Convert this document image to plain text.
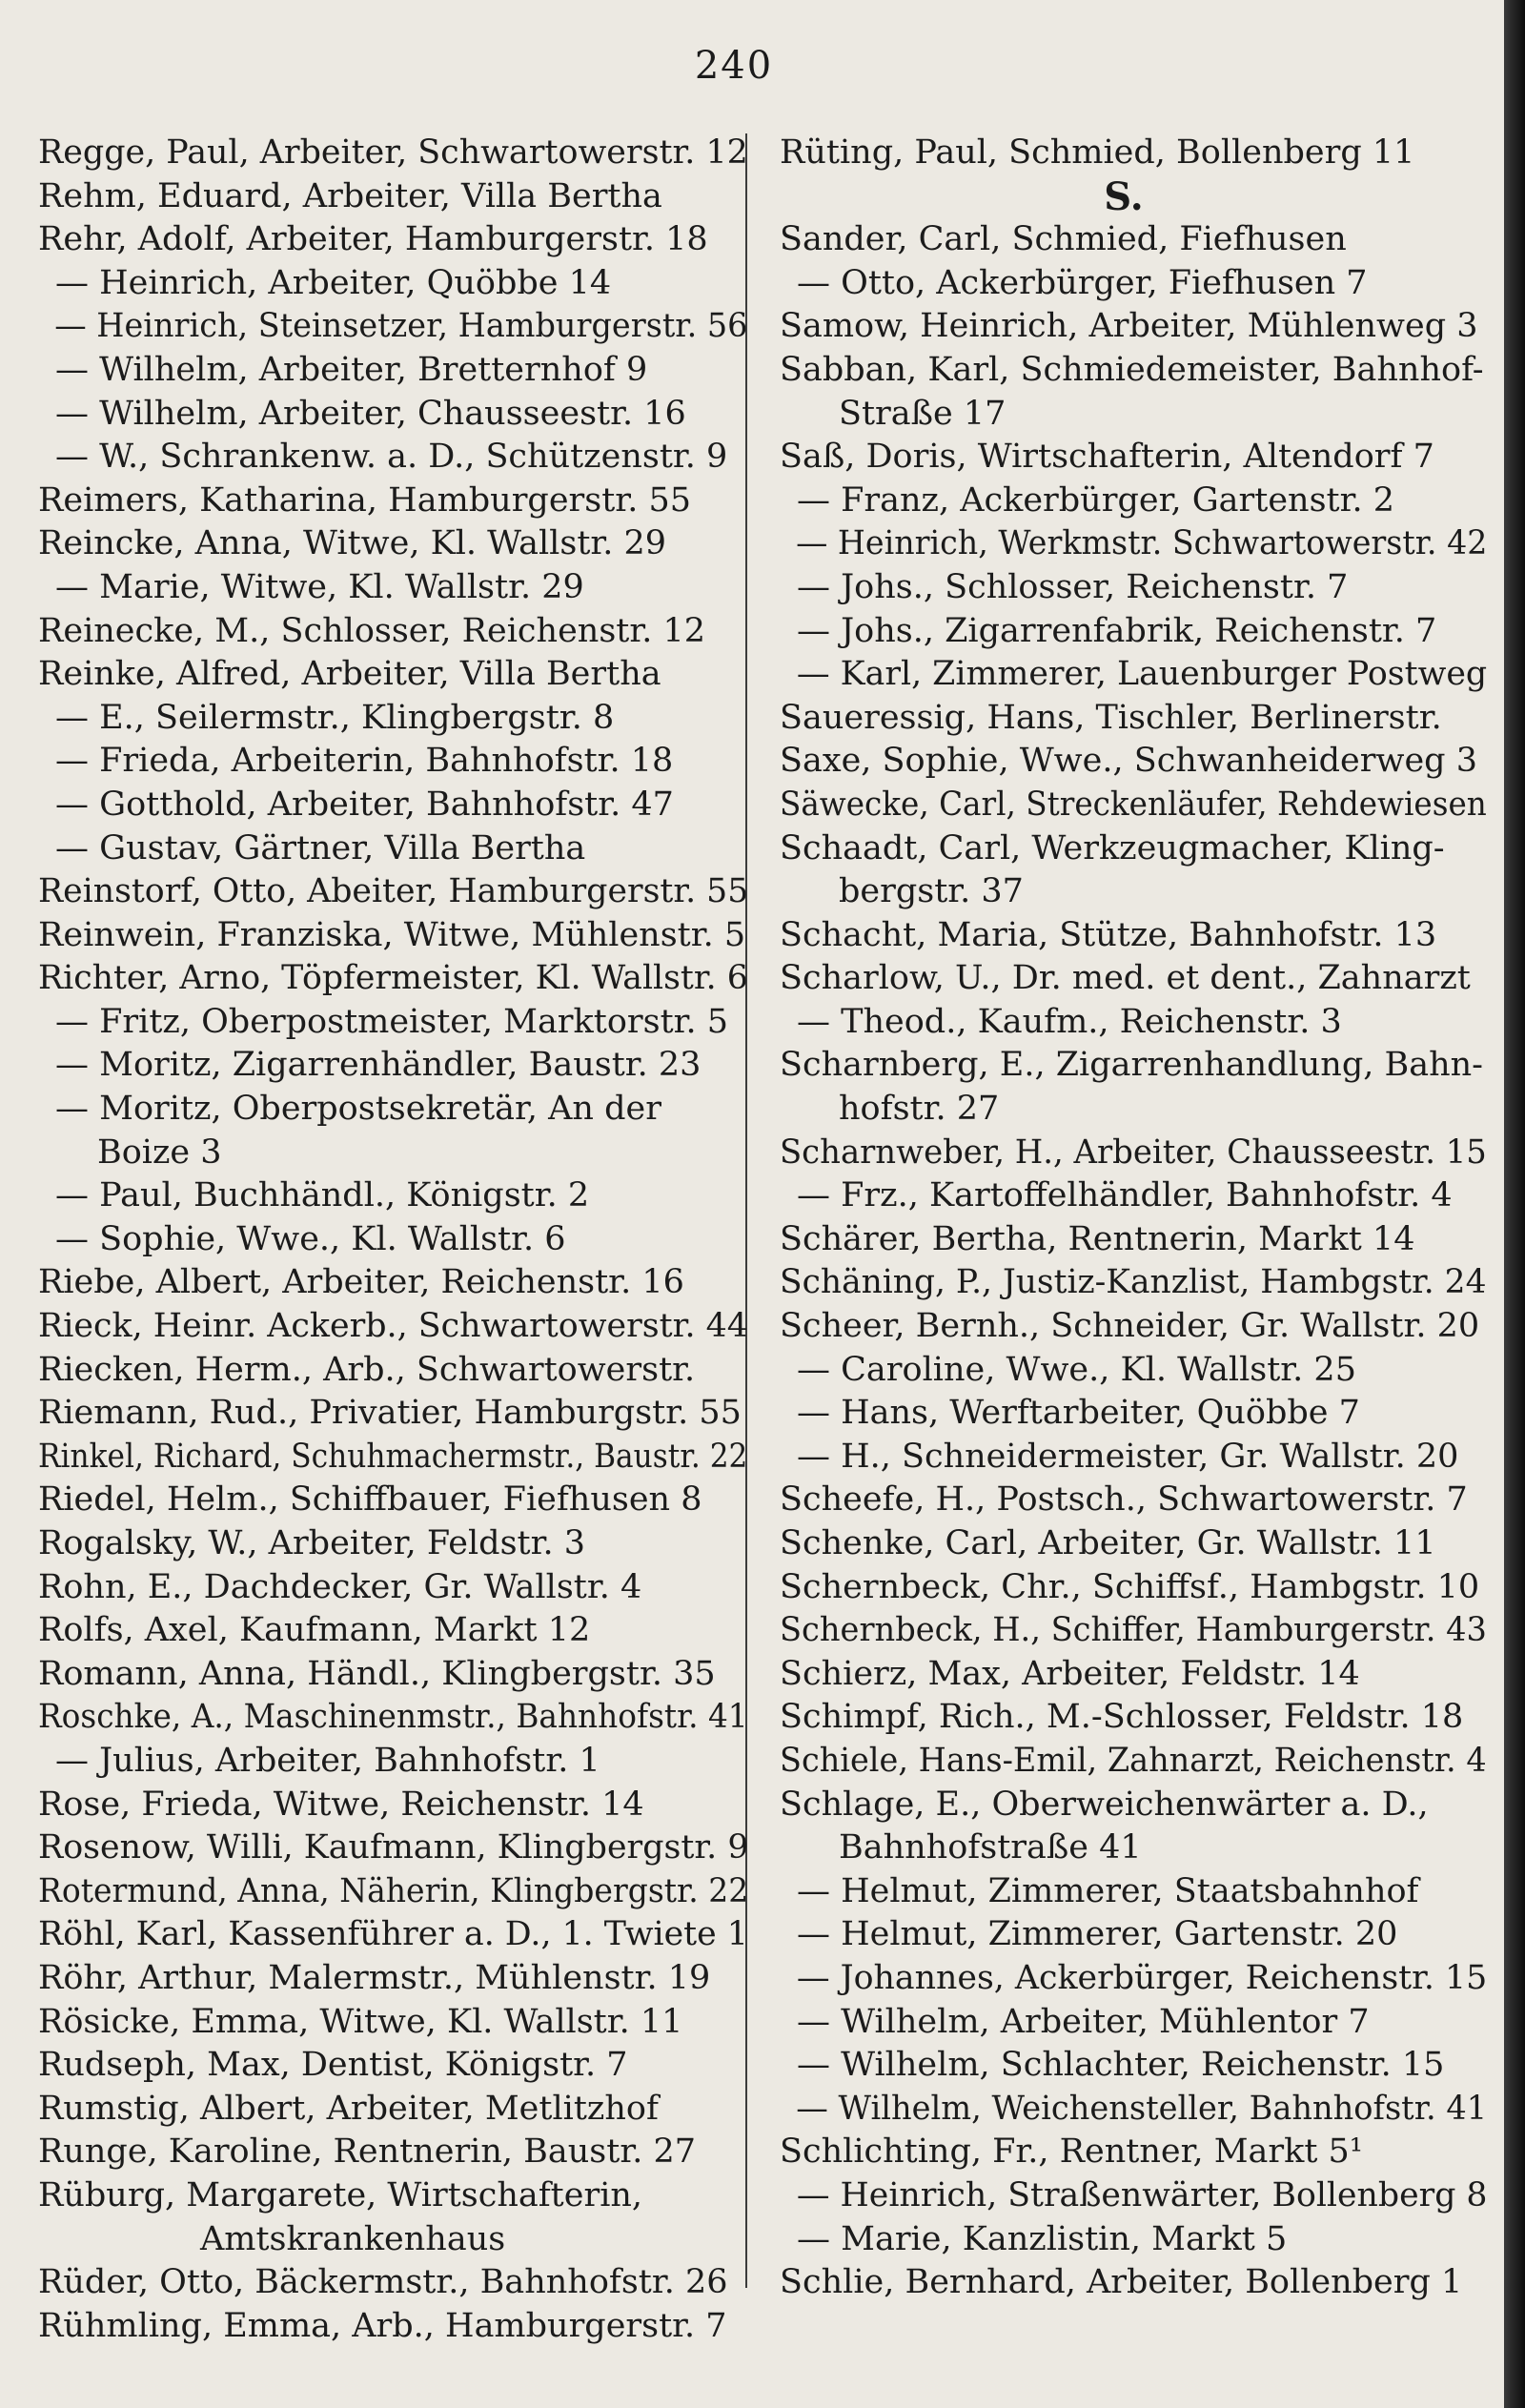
240
Regge, Paul, Arbeiter, Schwartowerstr. 12
Rehm, Eduard, Arbeiter, Villa Bertha
Rehr, Adolf, Arbeiter, Hamburgerstr. 18
— Heinrich, Arbeiter, Quöbbe 14
— Heinrich, Steinsetzer, Hamburgerstr. 56
— Wilhelm, Arbeiter, Bretternhof 9
— Wilhelm, Arbeiter, Chausseestr. 16
— W., Schrankenw. a. D., Schützenstr. 9
Reimers, Katharina, Hamburgerstr. 55
Reincke, Anna, Witwe, Kl. Wallstr. 29
— Marie, Witwe, Kl. Wallstr. 29
Reinecke, M., Schlosser, Reichenstr. 12
Reinke, Alfred, Arbeiter, Villa Bertha
— E., Seilermstr., Klingbergstr. 8
— Frieda, Arbeiterin, Bahnhofstr. 18
— Gotthold, Arbeiter, Bahnhofstr. 47
— Gustav, Gärtner, Villa Bertha
Reinstorf, Otto, Abeiter, Hamburgerstr. 55
Reinwein, Franziska, Witwe, Mühlenstr. 5
Richter, Arno, Töpfermeister, Kl. Wallstr. 6
— Fritz, Oberpostmeister, Marktorstr. 5
— Moritz, Zigarrenhändler, Baustr. 23
— Moritz, Oberpostsekretär, An der
Boize 3
— Paul, Buchhändl., Königstr. 2
— Sophie, Wwe., Kl. Wallstr. 6
Riebe, Albert, Arbeiter, Reichenstr. 16
Rieck, Heinr. Ackerb., Schwartowerstr. 44
Riecken, Herm., Arb., Schwartowerstr.
Riemann, Rud., Privatier, Hamburgstr. 55
Rinkel, Richard, Schuhmachermstr., Baustr. 22
Riedel, Helm., Schiffbauer, Fiefhusen 8
Rogalsky, W., Arbeiter, Feldstr. 3
Rohn, E., Dachdecker, Gr. Wallstr. 4
Rolfs, Axel, Kaufmann, Markt 12
Romann, Anna, Händl., Klingbergstr. 35
Roschke, A., Maschinenmstr., Bahnhofstr. 41
— Julius, Arbeiter, Bahnhofstr. 1
Rose, Frieda, Witwe, Reichenstr. 14
Rosenow, Willi, Kaufmann, Klingbergstr. 9
Rotermund, Anna, Näherin, Klingbergstr. 22
Röhl, Karl, Kassenführer a. D., 1. Twiete 1
Röhr, Arthur, Malermstr., Mühlenstr. 19
Rösicke, Emma, Witwe, Kl. Wallstr. 11
Rudseph, Max, Dentist, Königstr. 7
Rumstig, Albert, Arbeiter, Metlitzhof
Runge, Karoline, Rentnerin, Baustr. 27
Rüburg, Margarete, Wirtschafterin,
Amtskrankenhaus
Rüder, Otto, Bäckermstr., Bahnhofstr. 26
Rühmling, Emma, Arb., Hamburgerstr. 7
Rüting, Paul, Schmied, Bollenberg 11
S.
Sander, Carl, Schmied, Fiefhusen
— Otto, Ackerbürger, Fiefhusen 7
Samow, Heinrich, Arbeiter, Mühlenweg 3
Sabban, Karl, Schmiedemeister, Bahnhof-
Straße 17
Saß, Doris, Wirtschafterin, Altendorf 7
— Franz, Ackerbürger, Gartenstr. 2
— Heinrich, Werkmstr. Schwartowerstr. 42
— Johs., Schlosser, Reichenstr. 7
— Johs., Zigarrenfabrik, Reichenstr. 7
— Karl, Zimmerer, Lauenburger Postweg
Saueressig, Hans, Tischler, Berlinerstr.
Saxe, Sophie, Wwe., Schwanheiderweg 3
Säwecke, Carl, Streckenläufer, Rehdewiesen
Schaadt, Carl, Werkzeugmacher, Kling-
bergstr. 37
Schacht, Maria, Stütze, Bahnhofstr. 13
Scharlow, U., Dr. med. et dent., Zahnarzt
— Theod., Kaufm., Reichenstr. 3
Scharnberg, E., Zigarrenhandlung, Bahn-
hofstr. 27
Scharnweber, H., Arbeiter, Chausseestr. 15
— Frz., Kartoffelhändler, Bahnhofstr. 4
Schärer, Bertha, Rentnerin, Markt 14
Schäning, P., Justiz-Kanzlist, Hambgstr. 24
Scheer, Bernh., Schneider, Gr. Wallstr. 20
— Caroline, Wwe., Kl. Wallstr. 25
— Hans, Werftarbeiter, Quöbbe 7
— H., Schneidermeister, Gr. Wallstr. 20
Scheefe, H., Postsch., Schwartowerstr. 7
Schenke, Carl, Arbeiter, Gr. Wallstr. 11
Schernbeck, Chr., Schiffsf., Hambgstr. 10
Schernbeck, H., Schiffer, Hamburgerstr. 43
Schierz, Max, Arbeiter, Feldstr. 14
Schimpf, Rich., M.-Schlosser, Feldstr. 18
Schiele, Hans-Emil, Zahnarzt, Reichenstr. 4
Schlage, E., Oberweichenwärter a. D.,
Bahnhofstraße 41
— Helmut, Zimmerer, Staatsbahnhof
— Helmut, Zimmerer, Gartenstr. 20
— Johannes, Ackerbürger, Reichenstr. 15
— Wilhelm, Arbeiter, Mühlentor 7
— Wilhelm, Schlachter, Reichenstr. 15
— Wilhelm, Weichensteller, Bahnhofstr. 41
Schlichting, Fr., Rentner, Markt 5¹
— Heinrich, Straßenwärter, Bollenberg 8
— Marie, Kanzlistin, Markt 5
Schlie, Bernhard, Arbeiter, Bollenberg 1
